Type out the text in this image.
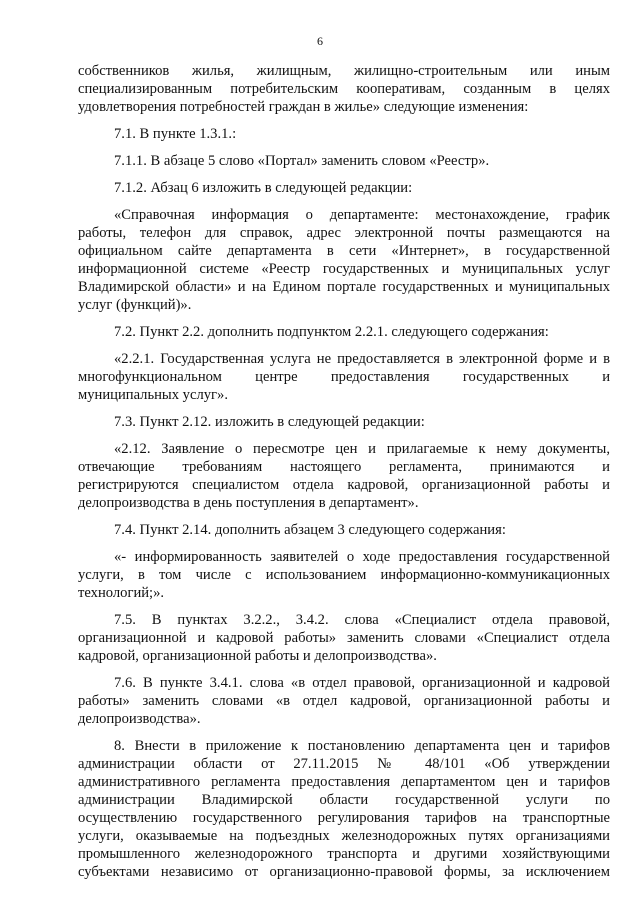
6

собственников жилья, жилищным, жилищно-строительным или иным
специализированным потребительским кооперативам, созданным в целях
удовлетворения потребностей граждан в жилье» следующие изменения:

7.1. В пункте 1.3.1.:

7.1.1. В абзаце 5 слово «Портал» заменить словом «Реестр».

7.1.2. Абзац 6 изложить в следующей редакции:

«Справочная информация о департаменте: местонахождение, график
работы, телефон для справок, адрес электронной почты размещаются на
официальном сайте департамента в сети «Интернет», в государственной
информационной системе «Реестр государственных и муниципальных услуг
Владимирской области» и на Едином портале государственных и муниципальных
услуг (функций)».

7.2. Пункт 2.2. дополнить подпунктом 2.2.1. следующего содержания:

«2.2.1. Государственная услуга не предоставляется в электронной форме и в
многофункциональном центре предоставления государственных и
муниципальных услуг».

7.3. Пункт 2.12. изложить в следующей редакции:

«2.12. Заявление о пересмотре цен и прилагаемые к нему документы,
отвечающие требованиям настоящего регламента, принимаются и
регистрируются специалистом отдела кадровой, организационной работы и
делопроизводства в день поступления в департамент».

7.4. Пункт 2.14. дополнить абзацем 3 следующего содержания:

«- информированность заявителей о ходе предоставления государственной
услуги, в том числе с использованием информационно-коммуникационных
технологий;».
7.5. В пунктах 3.2.2., 3.4.2. слова «Специалист отдела правовой,
организационной и кадровой работы» заменить словами «Специалист отдела
кадровой, организационной работы и делопроизводства».
7.6. В пункте 3.4.1. слова «в отдел правовой, организационной и кадровой
работы» заменить словами «в отдел кадровой, организационной работы и
делопроизводства».
8. Внести в приложение к постановлению департамента цен и тарифов
администрации области от 27.11.2015 № 48/101 «Об утверждении
административного регламента предоставления департаментом цен и тарифов
администрации Владимирской области государственной услуги по
осуществлению государственного регулирования тарифов на транспортные
услуги, оказываемые на подъездных железнодорожных путях организациями
промышленного железнодорожного транспорта и другими хозяйствующими
субъектами независимо от организационно-правовой формы, за исключением
